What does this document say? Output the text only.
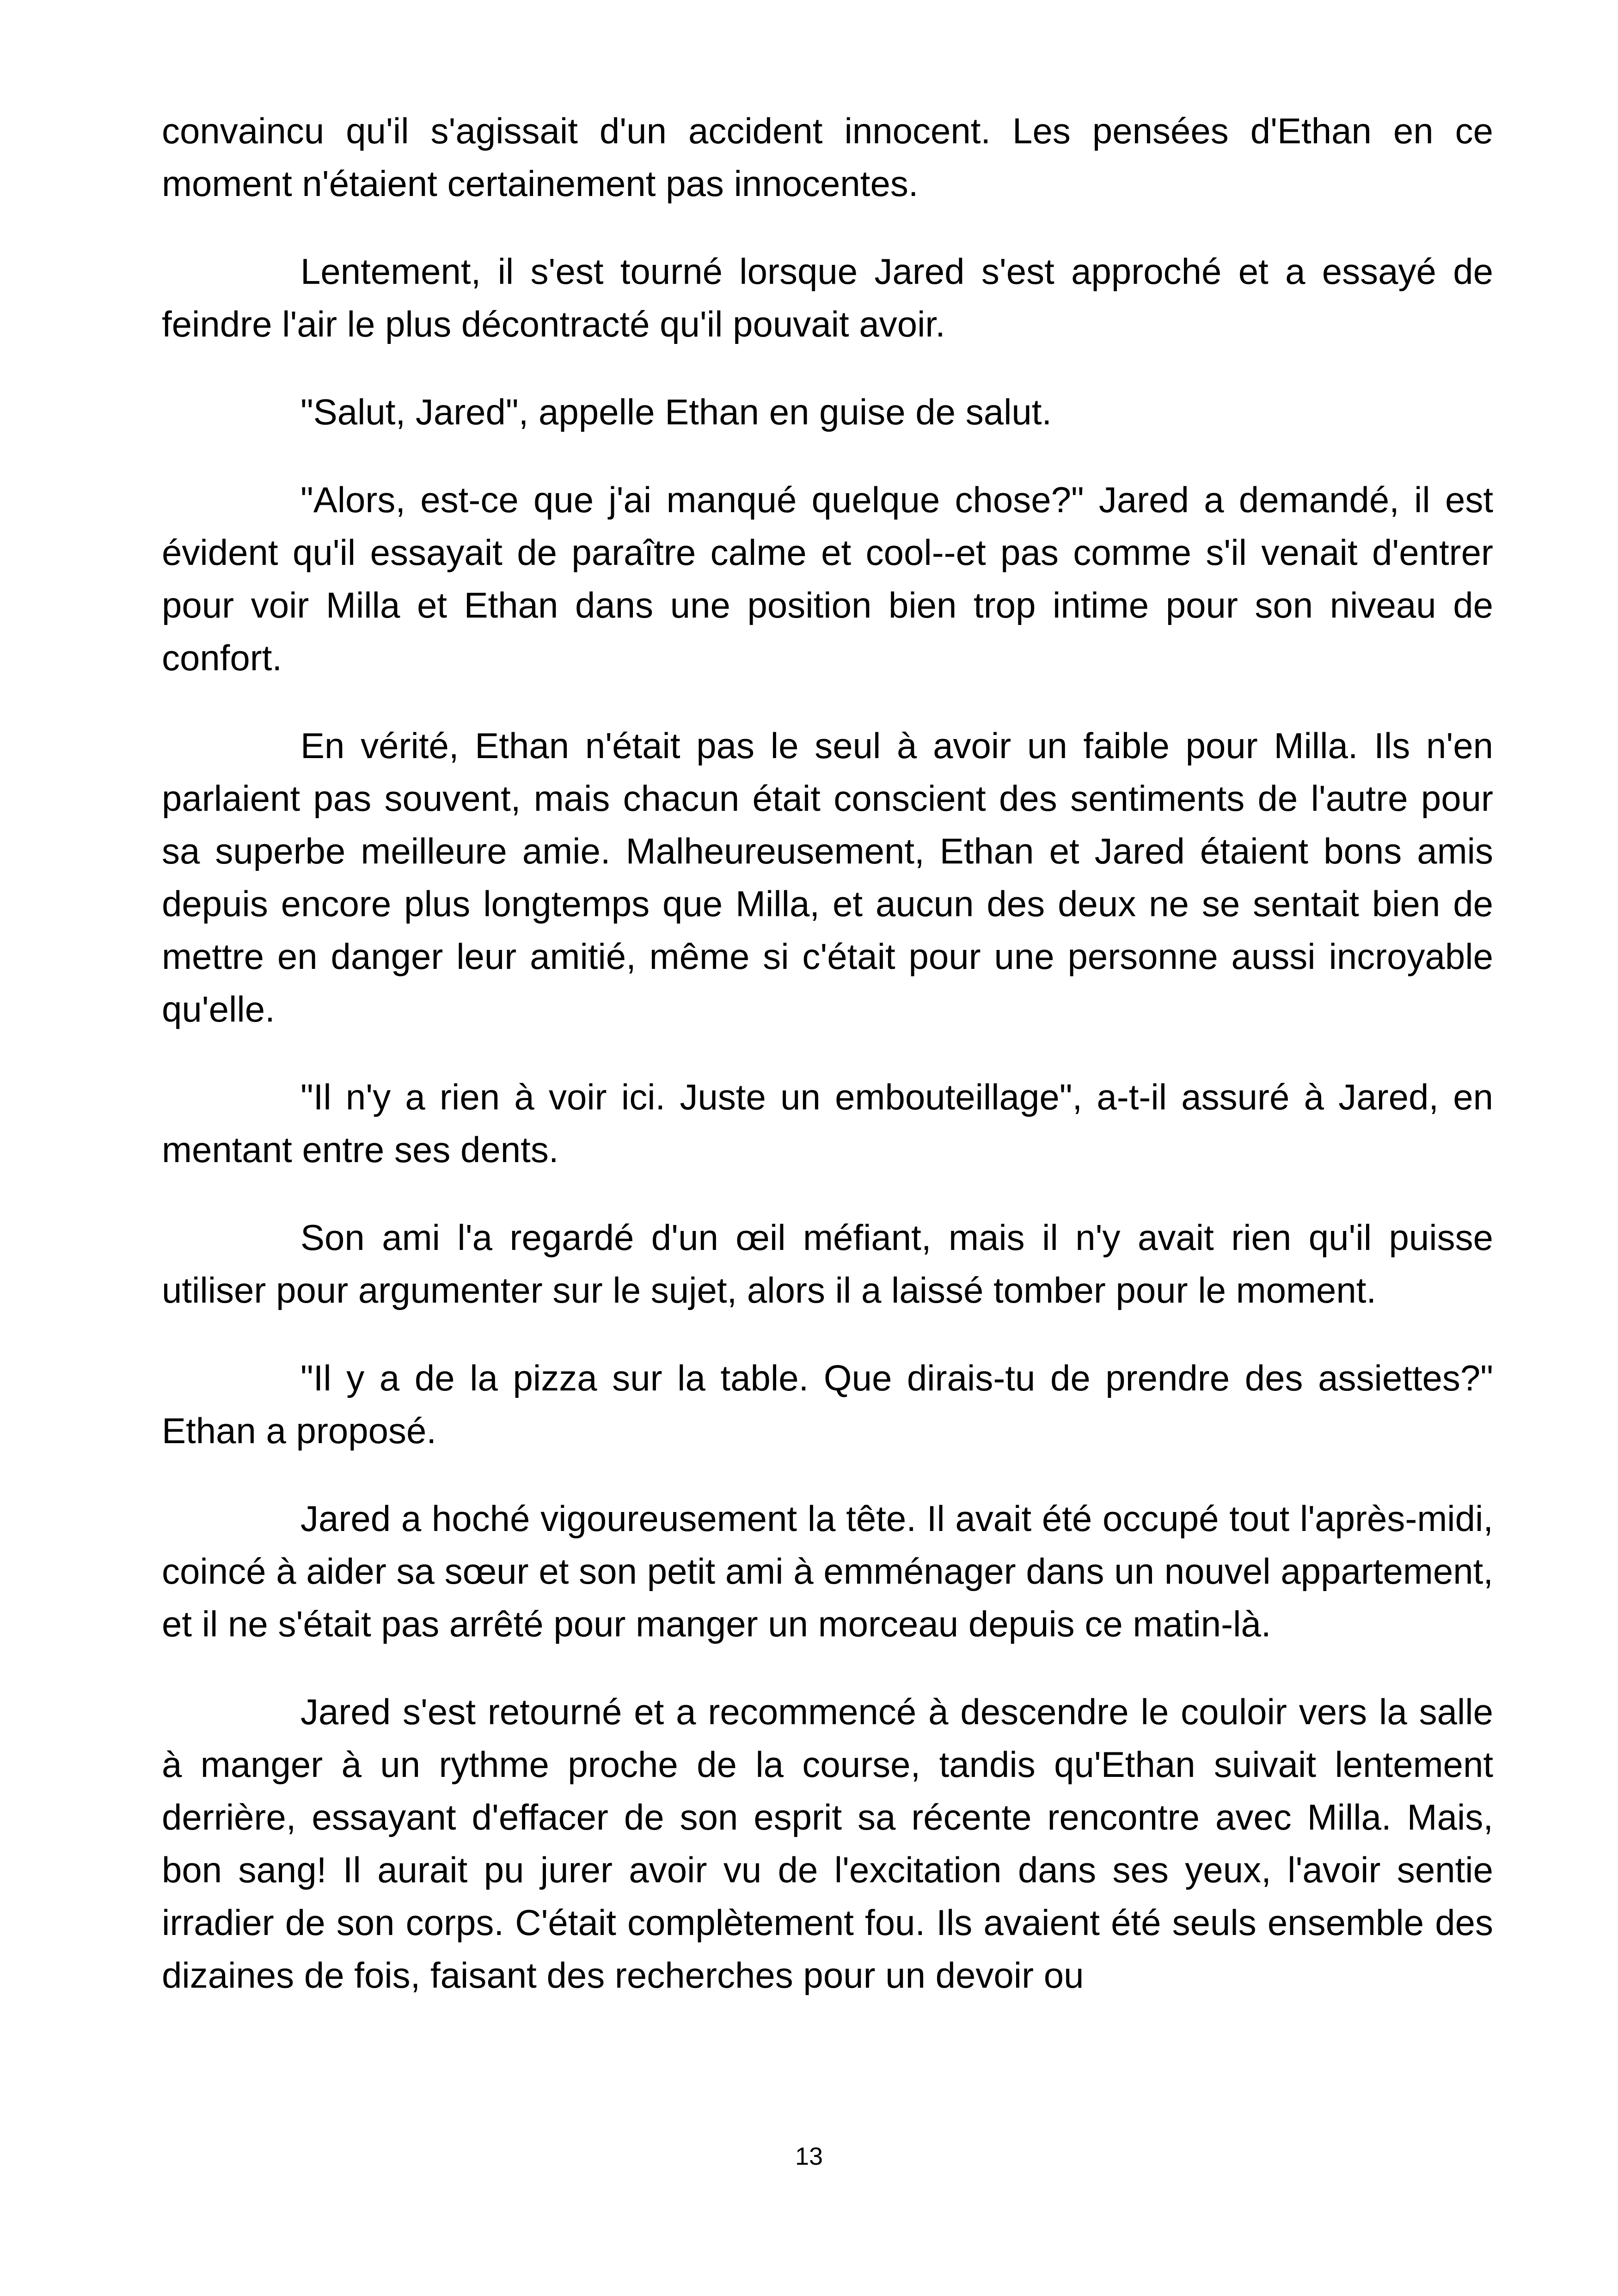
convaincu qu'il s'agissait d'un accident innocent. Les pensées d'Ethan en ce moment n'étaient certainement pas innocentes.

Lentement, il s'est tourné lorsque Jared s'est approché et a essayé de feindre l'air le plus décontracté qu'il pouvait avoir.

"Salut, Jared", appelle Ethan en guise de salut.

"Alors, est-ce que j'ai manqué quelque chose?" Jared a demandé, il est évident qu'il essayait de paraître calme et cool--et pas comme s'il venait d'entrer pour voir Milla et Ethan dans une position bien trop intime pour son niveau de confort.

En vérité, Ethan n'était pas le seul à avoir un faible pour Milla. Ils n'en parlaient pas souvent, mais chacun était conscient des sentiments de l'autre pour sa superbe meilleure amie. Malheureusement, Ethan et Jared étaient bons amis depuis encore plus longtemps que Milla, et aucun des deux ne se sentait bien de mettre en danger leur amitié, même si c'était pour une personne aussi incroyable qu'elle.

"Il n'y a rien à voir ici. Juste un embouteillage", a-t-il assuré à Jared, en mentant entre ses dents.

Son ami l'a regardé d'un œil méfiant, mais il n'y avait rien qu'il puisse utiliser pour argumenter sur le sujet, alors il a laissé tomber pour le moment.

"Il y a de la pizza sur la table. Que dirais-tu de prendre des assiettes?" Ethan a proposé.

Jared a hoché vigoureusement la tête. Il avait été occupé tout l'après-midi, coincé à aider sa sœur et son petit ami à emménager dans un nouvel appartement, et il ne s'était pas arrêté pour manger un morceau depuis ce matin-là.

Jared s'est retourné et a recommencé à descendre le couloir vers la salle à manger à un rythme proche de la course, tandis qu'Ethan suivait lentement derrière, essayant d'effacer de son esprit sa récente rencontre avec Milla. Mais, bon sang! Il aurait pu jurer avoir vu de l'excitation dans ses yeux, l'avoir sentie irradier de son corps. C'était complètement fou. Ils avaient été seuls ensemble des dizaines de fois, faisant des recherches pour un devoir ou

13
